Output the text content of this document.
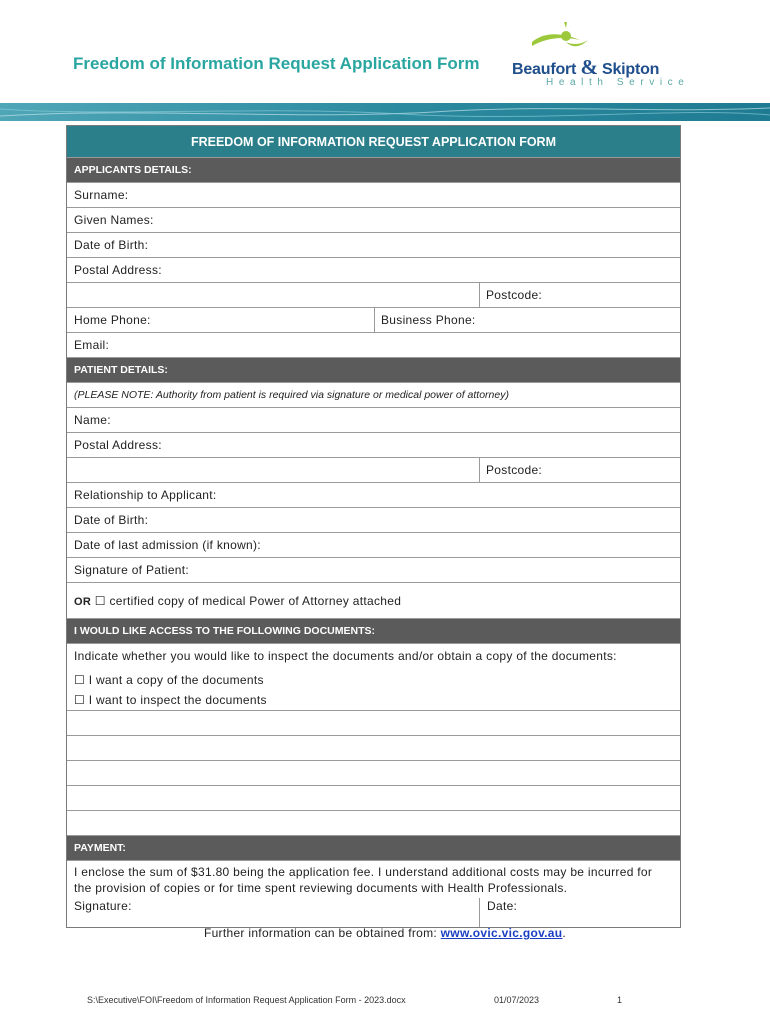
Freedom of Information Request Application Form Beaufort & Skipton
Health Service
FREEDOM OF INFORMATION REQUEST APPLICATION FORM
APPLICANTS DETAILS:
Surname:
Given Names:
Date of Birth:
Postal Address:
Postcode:
Home Phone:	Business Phone:
Email:
PATIENT DETAILS:
(PLEASE NOTE: Authority from patient is required via signature or medical power of attorney)
Name:
Postal Address:
Postcode:
Relationship to Applicant:
Date of Birth:
Date of last admission (if known):
Signature of Patient:
OR ☐ certified copy of medical Power of Attorney attached
I WOULD LIKE ACCESS TO THE FOLLOWING DOCUMENTS:
Indicate whether you would like to inspect the documents and/or obtain a copy of the documents:
☐ I want a copy of the documents
☐ I want to inspect the documents
PAYMENT:
I enclose the sum of $31.80 being the application fee. I understand additional costs may be incurred for the provision of copies or for time spent reviewing documents with Health Professionals.
Signature:	Date:
Further information can be obtained from: www.ovic.vic.gov.au.
S:\Executive\FOI\Freedom of Information Request Application Form - 2023.docx	01/07/2023	1
